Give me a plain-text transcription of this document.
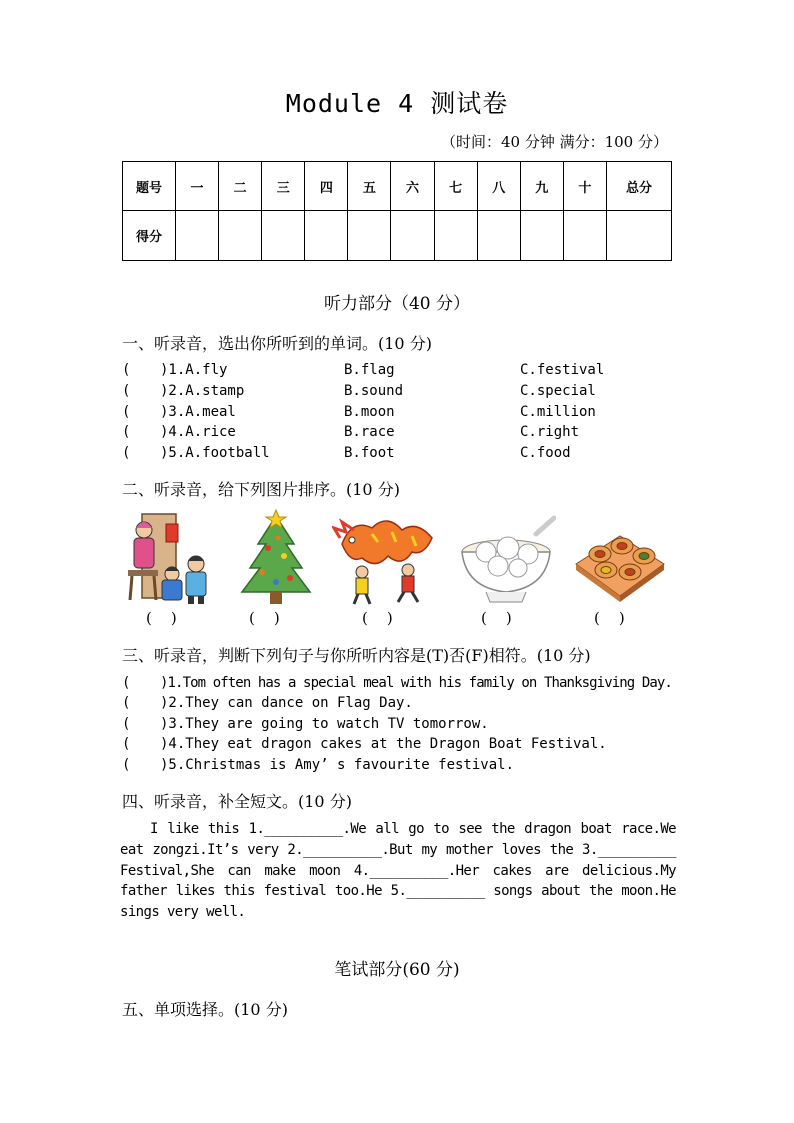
Module 4 测试卷
（时间：40 分钟 满分：100 分）
题号	一	二	三	四	五	六	七	八	九	十	总分
得分											
听力部分（40 分）
一、听录音，选出你所听到的单词。(10 分)
( )1.A.fly	B.flag	C.festival
( )2.A.stamp	B.sound	C.special
( )3.A.meal	B.moon	C.million
( )4.A.rice	B.race	C.right
( )5.A.football	B.foot	C.food
二、听录音，给下列图片排序。(10 分)
(    )	(    )	(    )	(    )	(    )
三、听录音，判断下列句子与你所听内容是(T)否(F)相符。(10 分)
( )1.Tom often has a special meal with his family on Thanksgiving Day.
( )2.They can dance on Flag Day.
( )3.They are going to watch TV tomorrow.
( )4.They eat dragon cakes at the Dragon Boat Festival.
( )5.Christmas is Amy’ s favourite festival.
四、听录音，补全短文。(10 分)
I like this 1.__________.We all go to see the dragon boat race.We eat zongzi.It’s very 2.__________.But my mother loves the 3.__________ Festival,She can make moon 4.__________.Her cakes are delicious.My father likes this festival too.He 5.__________ songs about the moon.He sings very well.
笔试部分(60 分)
五、单项选择。(10 分)
